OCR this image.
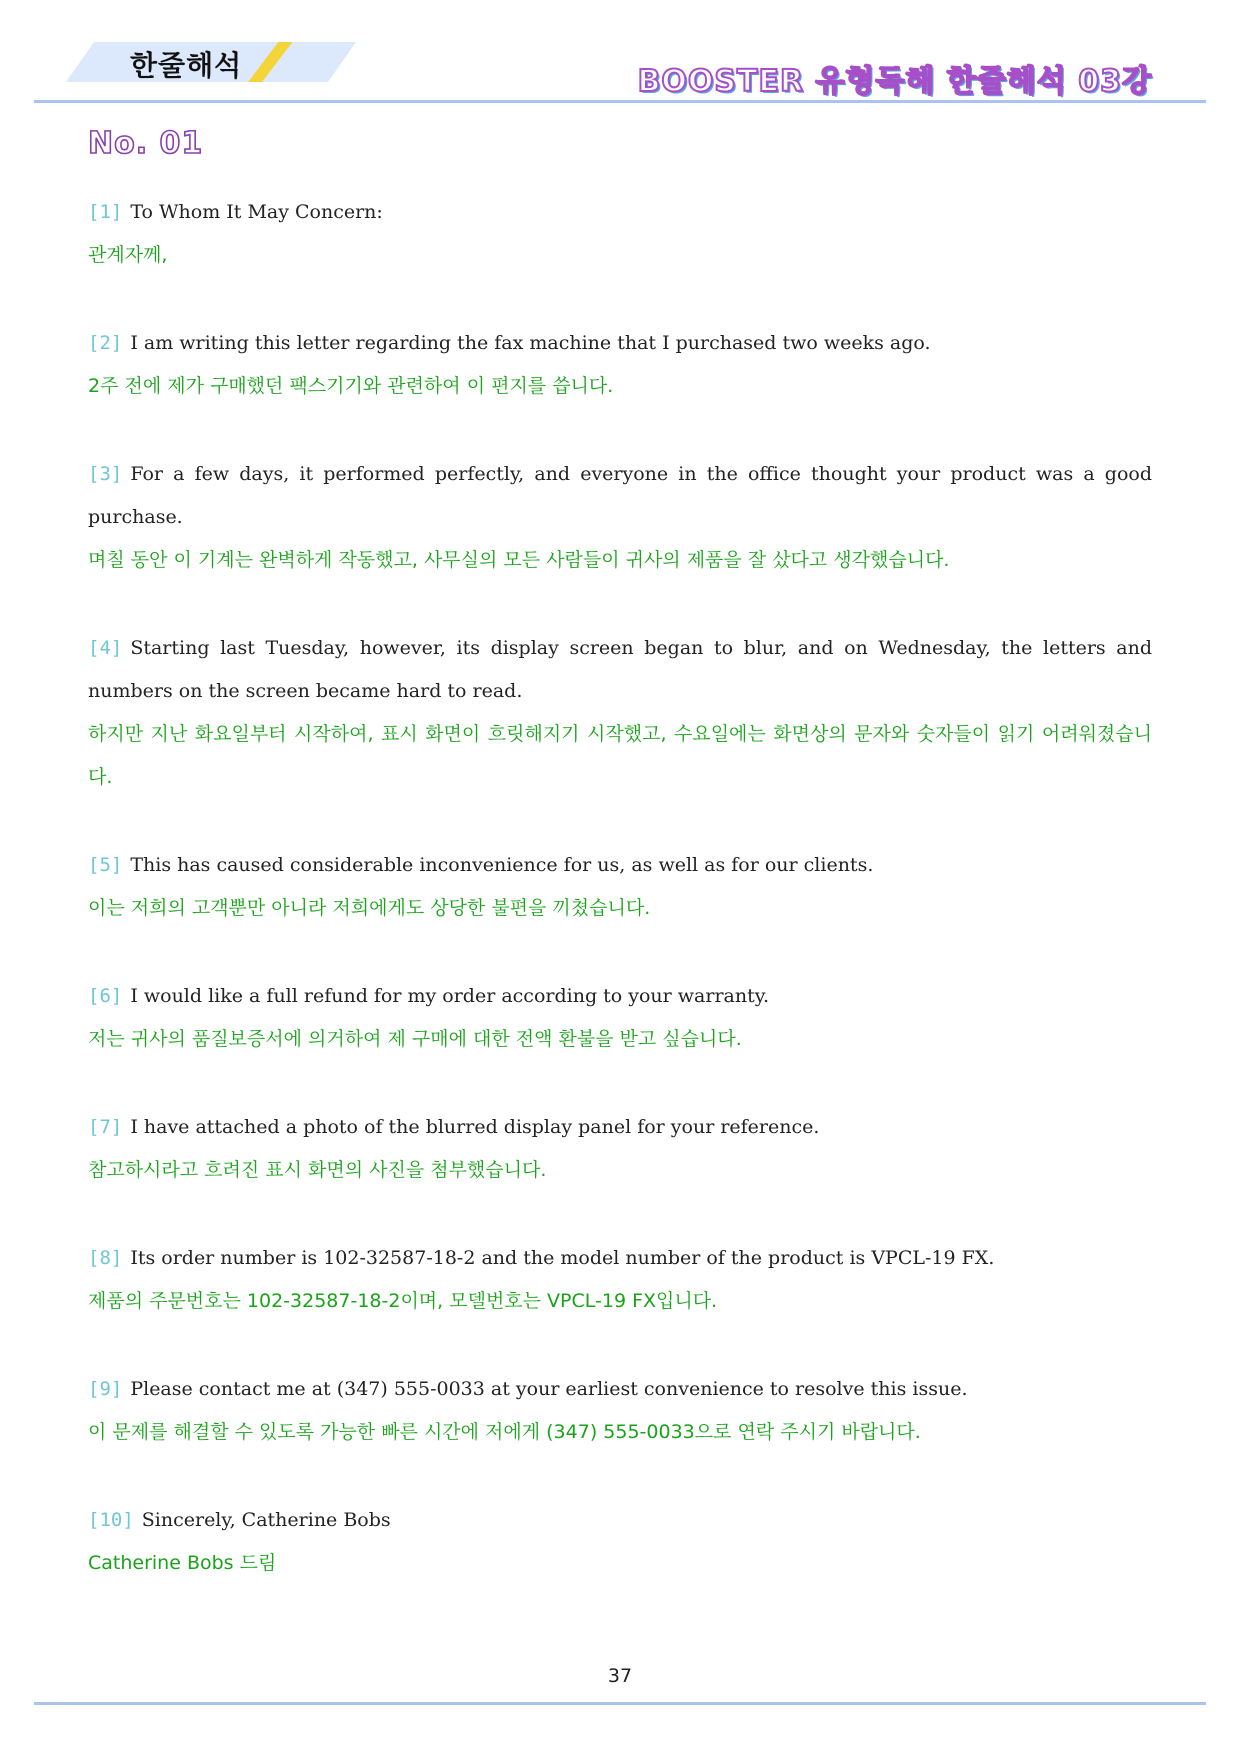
한줄해석	BOOSTER 유형독해 한줄해석 03강
No. 01
[1] To Whom It May Concern:
관계자께,
[2] I am writing this letter regarding the fax machine that I purchased two weeks ago.
2주 전에 제가 구매했던 팩스기기와 관련하여 이 편지를 씁니다.
[3] For a few days, it performed perfectly, and everyone in the office thought your product was a good purchase.
며칠 동안 이 기계는 완벽하게 작동했고, 사무실의 모든 사람들이 귀사의 제품을 잘 샀다고 생각했습니다.
[4] Starting last Tuesday, however, its display screen began to blur, and on Wednesday, the letters and numbers on the screen became hard to read.
하지만 지난 화요일부터 시작하여, 표시 화면이 흐릿해지기 시작했고, 수요일에는 화면상의 문자와 숫자들이 읽기 어려워졌습니다.
[5] This has caused considerable inconvenience for us, as well as for our clients.
이는 저희의 고객뿐만 아니라 저희에게도 상당한 불편을 끼쳤습니다.
[6] I would like a full refund for my order according to your warranty.
저는 귀사의 품질보증서에 의거하여 제 구매에 대한 전액 환불을 받고 싶습니다.
[7] I have attached a photo of the blurred display panel for your reference.
참고하시라고 흐려진 표시 화면의 사진을 첨부했습니다.
[8] Its order number is 102-32587-18-2 and the model number of the product is VPCL-19 FX.
제품의 주문번호는 102-32587-18-2이며, 모델번호는 VPCL-19 FX입니다.
[9] Please contact me at (347) 555-0033 at your earliest convenience to resolve this issue.
이 문제를 해결할 수 있도록 가능한 빠른 시간에 저에게 (347) 555-0033으로 연락 주시기 바랍니다.
[10] Sincerely, Catherine Bobs
Catherine Bobs 드림
37
